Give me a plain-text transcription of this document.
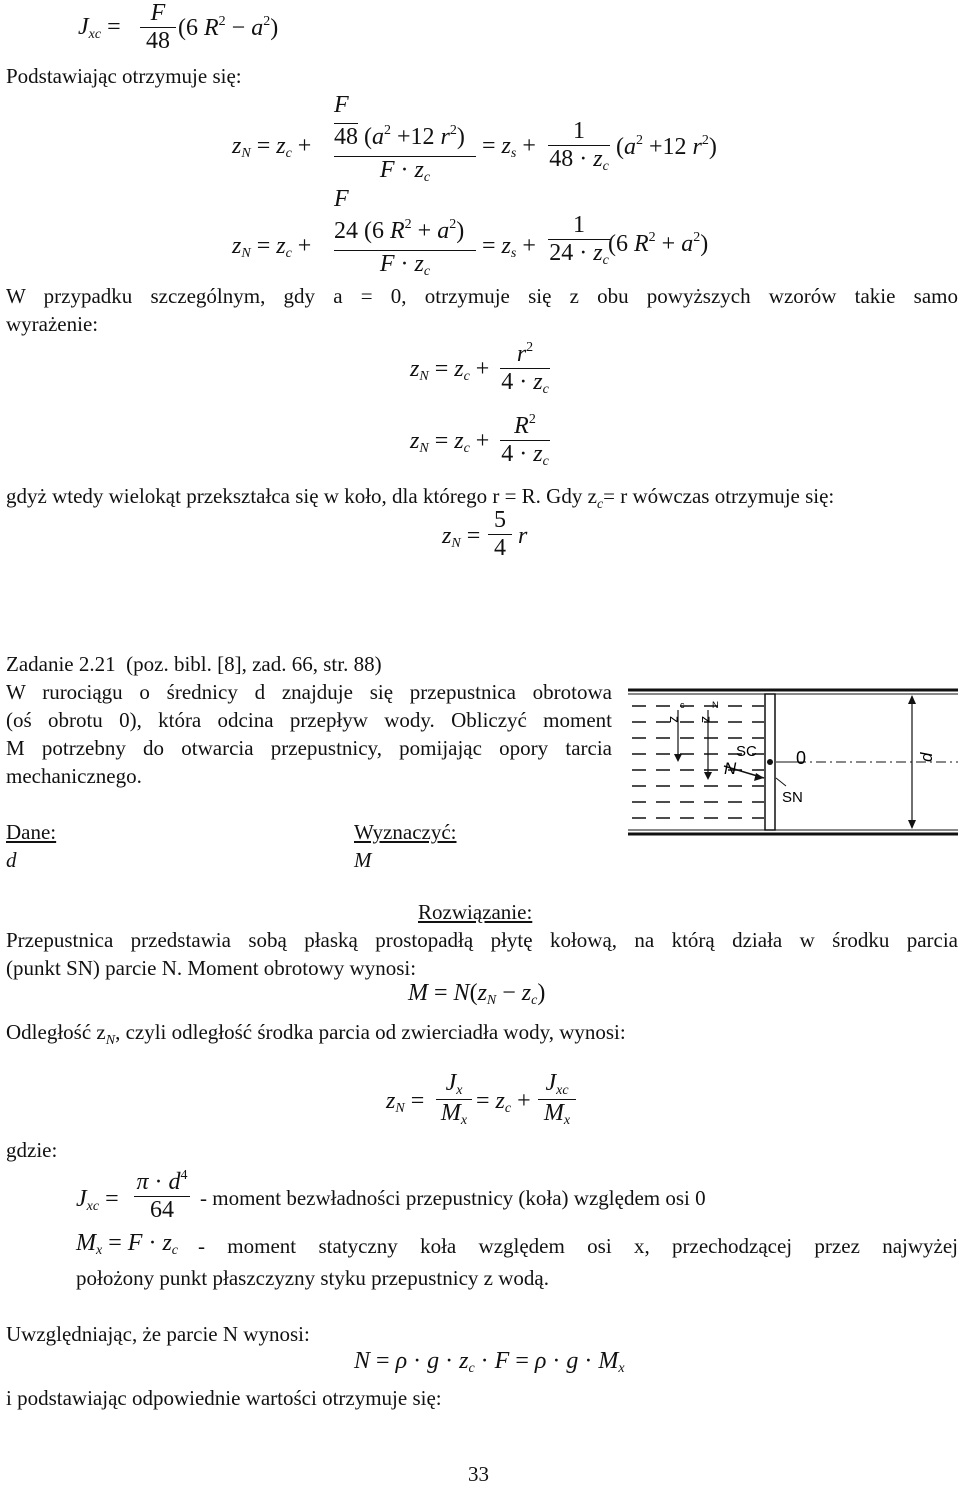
$J_{xc}$ =
F
48 (6 $R^2 - a^2$)
Podstawiając otrzymuje się:
$z_N = z_c$ +
F
48 ($a^2 +12$ $r^2$)
$F \cdot z_c$
= $z_s$ +
1
$48 \cdot z_c$
($a^2 +12$ $r^2$)
$z_N = z_c$ +
F
24 (6 $R^2 + a^2$)
$F \cdot z_c$
= $z_s$ +
1
$24 \cdot z_c$
(6 $R^2 + a^2$)
W przypadku szczególnym, gdy a = 0, otrzymuje się z obu powyższych wzorów takie samo
wyrażenie:
$z_N = z_c$ +
$r^2$
$4 \cdot z_c$
$z_N = z_c$ +
$R^2$
$4 \cdot z_c$
gdyż wtedy wielokąt przekształca się w koło, dla którego r = R. Gdy $z_c= r$ wówczas otrzymuje się:
$z_N$ =
5
4 r
Zadanie 2.21 (poz. bibl. [8], zad. 66, str. 88)
W rurociągu o średnicy d znajduje się przepustnica obrotowa
(oś obrotu 0), która odcina przepływ wody. Obliczyć moment
M potrzebny do otwarcia przepustnicy, pomijając opory tarcia
mechanicznego.
Dane:
d
Wyznaczyć:
M
z
c
z
N
0
SC
N
SN
d
Rozwiązanie:
Przepustnica przedstawia sobą płaską prostopadłą płytę kołową, na którą działa w środku parcia
(punkt SN) parcie N. Moment obrotowy wynosi:
$M = N(z_N - z_c)$
Odległość $z_N$, czyli odległość środka parcia od zwierciadła wody, wynosi:
$z_N$ =
$J_x$
$M_x$
= $z_c$ +
$J_{xc}$
$M_x$
gdzie:
$J_{xc}$ =
$\pi \cdot d^4$
64	- moment bezwładności przepustnicy (koła) względem osi 0
$M_x = F \cdot z_c$ - moment statyczny koła względem osi x, przechodzącej przez najwyżej
położony punkt płaszczyzny styku przepustnicy z wodą.
Uwzględniając, że parcie N wynosi:
$N = \rho \cdot g \cdot z_c \cdot F = \rho \cdot g \cdot M_x$
i podstawiając odpowiednie wartości otrzymuje się:
33
